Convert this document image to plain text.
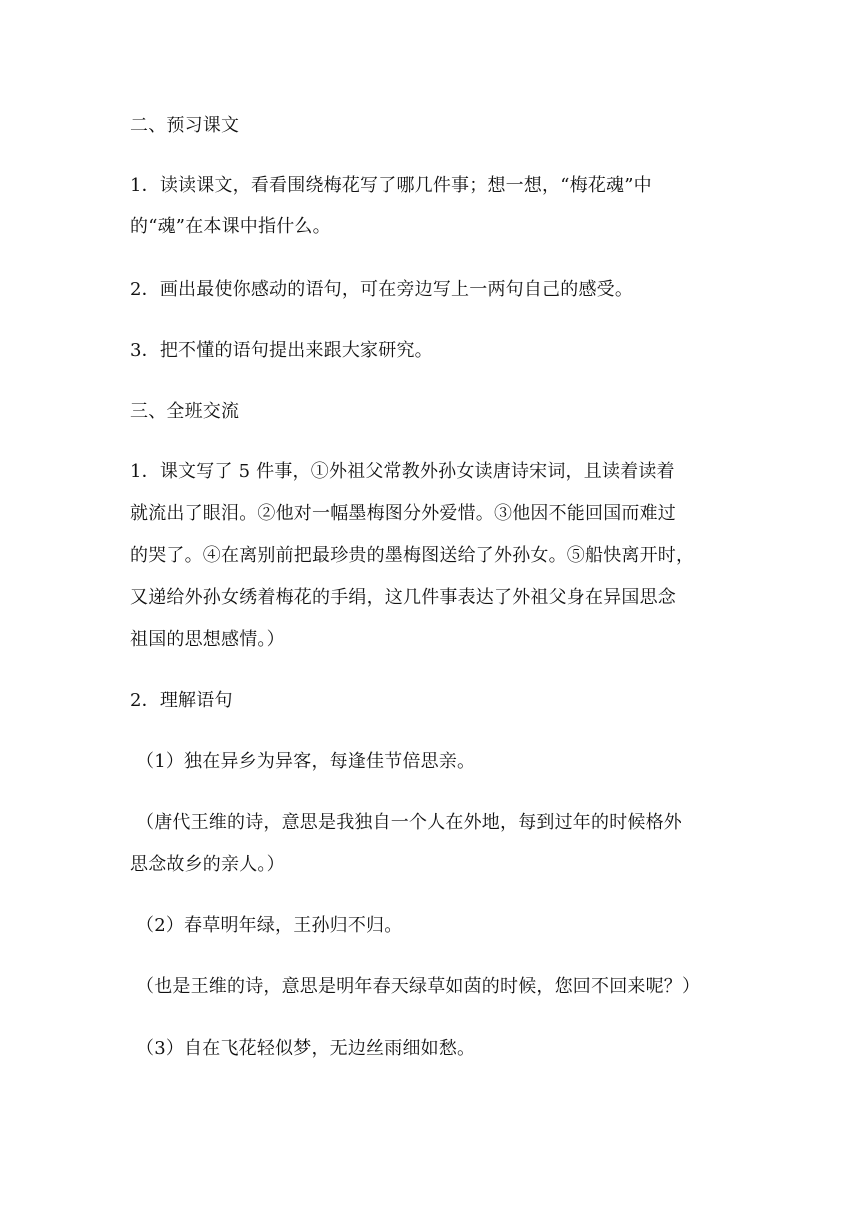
二、预习课文
1．读读课文，看看围绕梅花写了哪几件事；想一想，“梅花魂”中
的“魂”在本课中指什么。
2．画出最使你感动的语句，可在旁边写上一两句自己的感受。
3．把不懂的语句提出来跟大家研究。
三、全班交流
1．课文写了 5 件事，①外祖父常教外孙女读唐诗宋词，且读着读着
就流出了眼泪。②他对一幅墨梅图分外爱惜。③他因不能回国而难过
的哭了。④在离别前把最珍贵的墨梅图送给了外孙女。⑤船快离开时，
又递给外孙女绣着梅花的手绢，这几件事表达了外祖父身在异国思念
祖国的思想感情。）
2．理解语句
（1）独在异乡为异客，每逢佳节倍思亲。
（唐代王维的诗，意思是我独自一个人在外地，每到过年的时候格外
思念故乡的亲人。）
（2）春草明年绿，王孙归不归。
（也是王维的诗，意思是明年春天绿草如茵的时候，您回不回来呢？）
（3）自在飞花轻似梦，无边丝雨细如愁。
